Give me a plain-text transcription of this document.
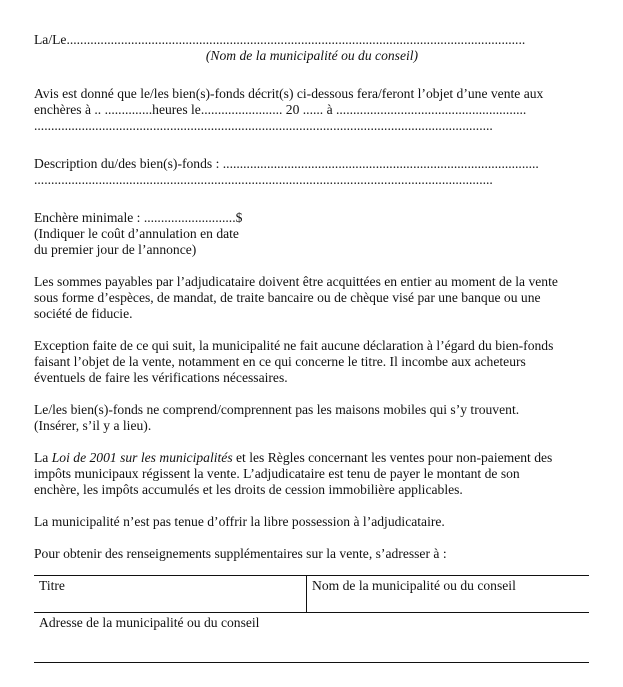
La/Le.......................................................................................................................................

(Nom de la municipalité ou du conseil)

Avis est donné que le/les bien(s)-fonds décrit(s) ci-dessous fera/feront l’objet d’une vente aux

enchères à .. ..............heures le........................ 20 ...... à ........................................................

.......................................................................................................................................

Description du/des bien(s)-fonds : .............................................................................................

.......................................................................................................................................

Enchère minimale : ...........................$

(Indiquer le coût d’annulation en date

du premier jour de l’annonce)

Les sommes payables par l’adjudicataire doivent être acquittées en entier au moment de la vente

sous forme d’espèces, de mandat, de traite bancaire ou de chèque visé par une banque ou une

société de fiducie.

Exception faite de ce qui suit, la municipalité ne fait aucune déclaration à l’égard du bien-fonds

faisant l’objet de la vente, notamment en ce qui concerne le titre. Il incombe aux acheteurs

éventuels de faire les vérifications nécessaires.

Le/les bien(s)-fonds ne comprend/comprennent pas les maisons mobiles qui s’y trouvent.

(Insérer, s’il y a lieu).

La Loi de 2001 sur les municipalités et les Règles concernant les ventes pour non-paiement des

impôts municipaux régissent la vente. L’adjudicataire est tenu de payer le montant de son

enchère, les impôts accumulés et les droits de cession immobilière applicables.

La municipalité n’est pas tenue d’offrir la libre possession à l’adjudicataire.

Pour obtenir des renseignements supplémentaires sur la vente, s’adresser à :

Titre	Nom de la municipalité ou du conseil
Adresse de la municipalité ou du conseil
